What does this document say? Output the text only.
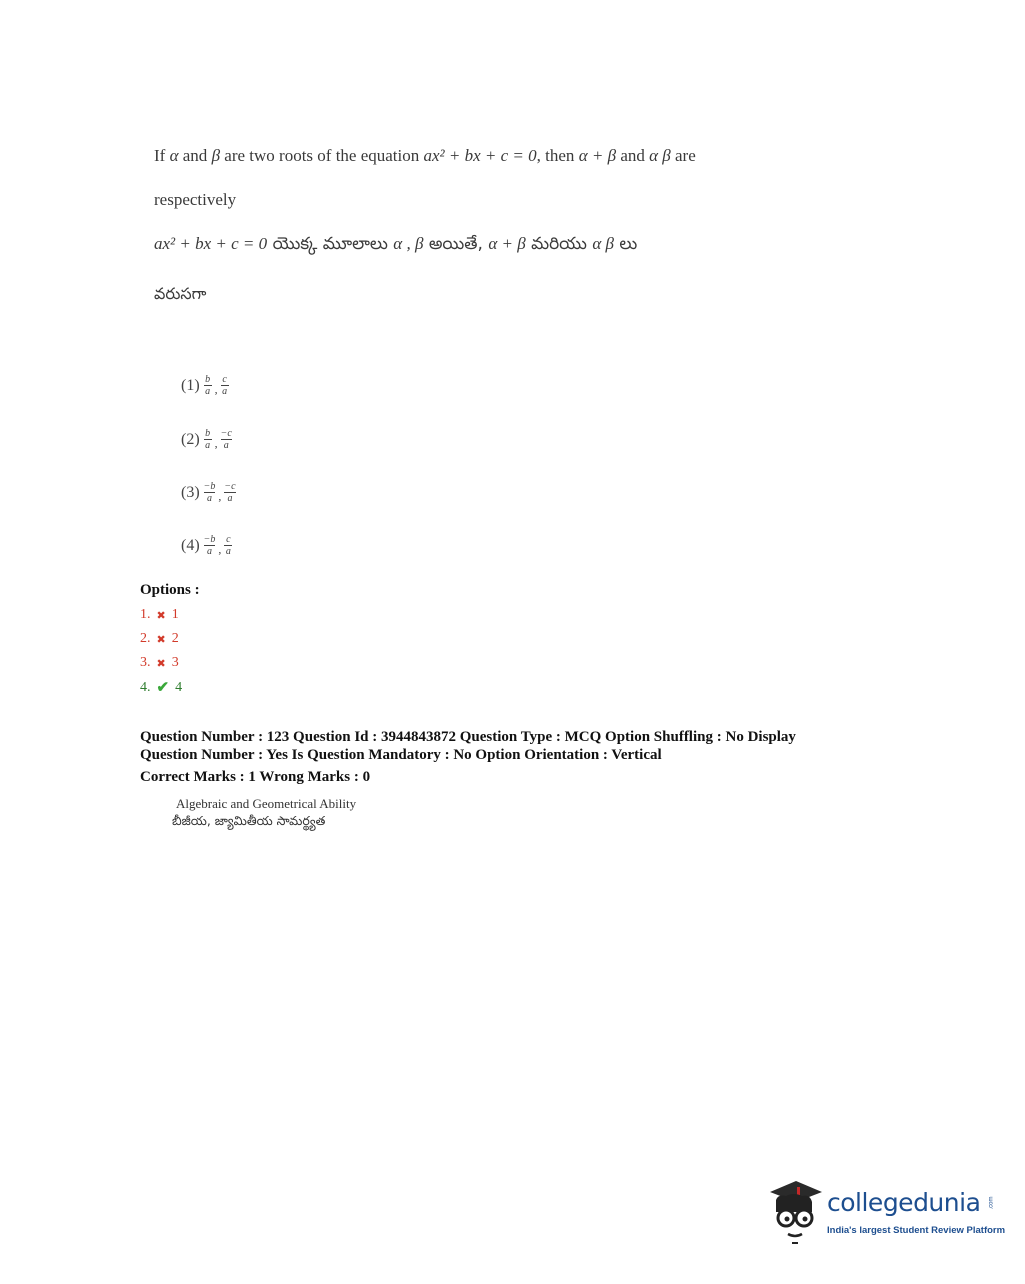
If α and β are two roots of the equation ax² + bx + c = 0, then α + β and α β are
respectively
ax² + bx + c = 0 యొక్క మూలాలు α , β అయితే, α + β మరియు α β లు
వరుసగా
$(1) \frac{b}{a}$ , $\frac{c}{a}$
$(2) \frac{b}{a}$ , $\frac{-c}{a}$
$(3) \frac{-b}{a}$ , $\frac{-c}{a}$
$(4) \frac{-b}{a}$ , $\frac{c}{a}$
Options :
1. ✖ 1
2. ✖ 2
3. ✖ 3
4. ✔ 4
Question Number : 123 Question Id : 3944843872 Question Type : MCQ Option Shuffling : No Display
Question Number : Yes Is Question Mandatory : No Option Orientation : Vertical
Correct Marks : 1 Wrong Marks : 0
Algebraic and Geometrical Ability
బీజీయ, జ్యామితీయ సామర్థ్యత
collegedunia .com
India's largest Student Review Platform
